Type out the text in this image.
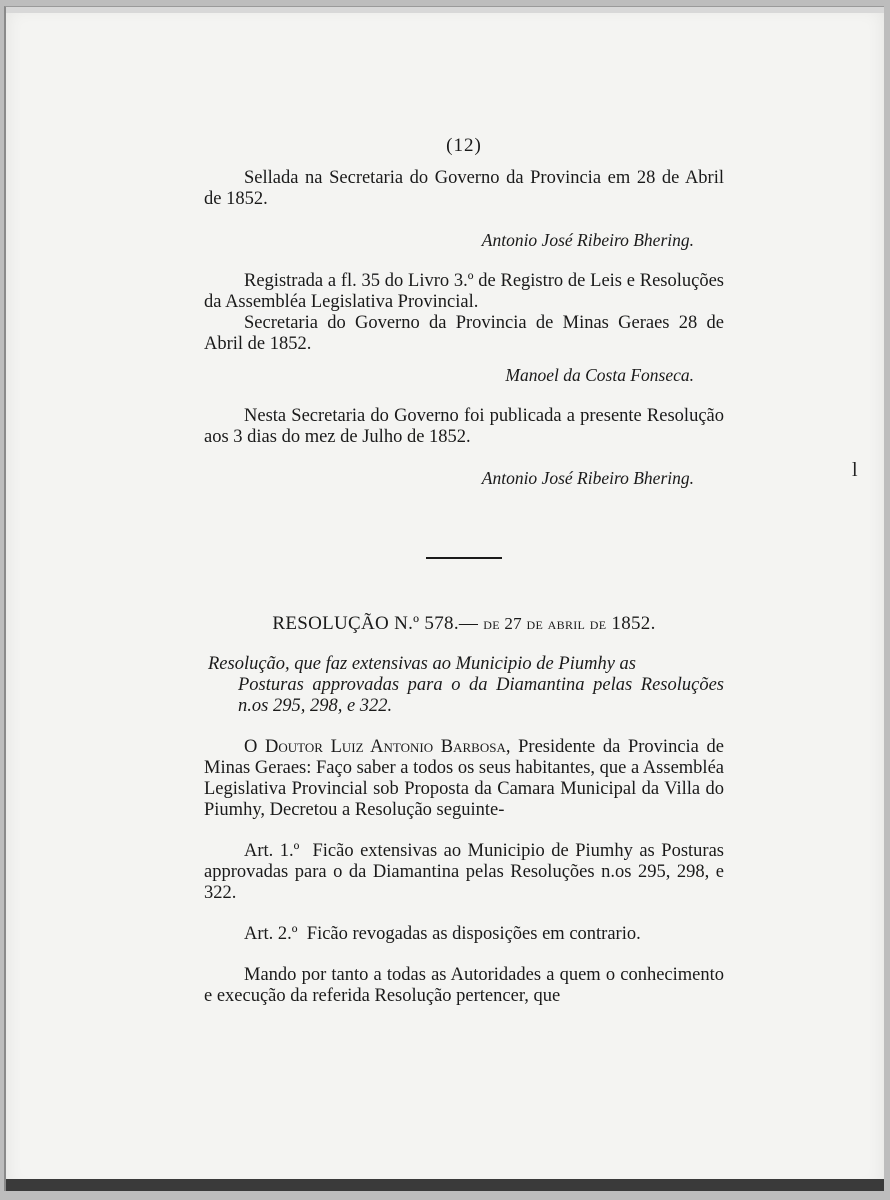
(12)

Sellada na Secretaria do Governo da Provincia em 28 de Abril de 1852.

Antonio José Ribeiro Bhering.

Registrada a fl. 35 do Livro 3.º de Registro de Leis e Resoluções da Assembléa Legislativa Provincial.

Secretaria do Governo da Provincia de Minas Geraes 28 de Abril de 1852.

Manoel da Costa Fonseca.

Nesta Secretaria do Governo foi publicada a presente Resolução aos 3 dias do mez de Julho de 1852.

Antonio José Ribeiro Bhering.

RESOLUÇÃO N.º 578.— de 27 de abril de 1852.

Resolução, que faz extensivas ao Municipio de Piumhy as
Posturas approvadas para o da Diamantina pelas Resoluções n.os 295, 298, e 322.

O Doutor Luiz Antonio Barbosa, Presidente da Provincia de Minas Geraes: Faço saber a todos os seus habitantes, que a Assembléa Legislativa Provincial sob Proposta da Camara Municipal da Villa do Piumhy, Decretou a Resolução seguinte-

Art. 1.º Ficão extensivas ao Municipio de Piumhy as Posturas approvadas para o da Diamantina pelas Resoluções n.os 295, 298, e 322.

Art. 2.º Ficão revogadas as disposições em contrario.

Mando por tanto a todas as Autoridades a quem o conhecimento e execução da referida Resolução pertencer, que

l
